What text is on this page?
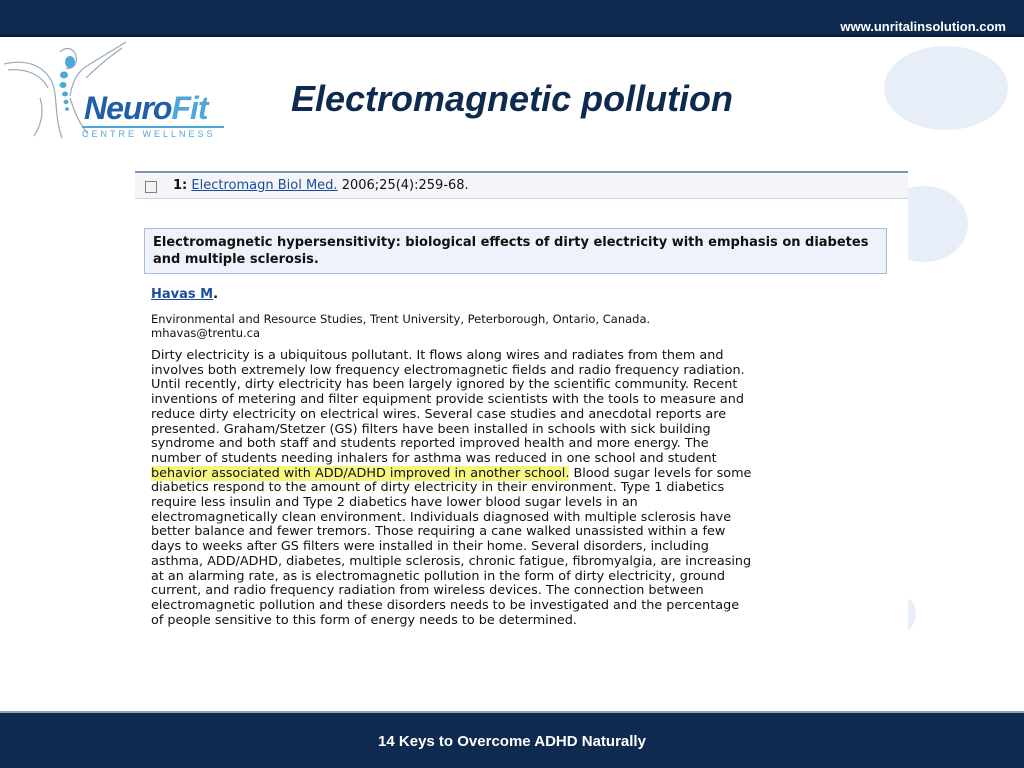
www.unritalinsolution.com
NeuroFit
CENTRE WELLNESS
Electromagnetic pollution
1: Electromagn Biol Med. 2006;25(4):259-68.
Electromagnetic hypersensitivity: biological effects of dirty electricity with emphasis on diabetes and multiple sclerosis.
Havas M.
Environmental and Resource Studies, Trent University, Peterborough, Ontario, Canada.
mhavas@trentu.ca
Dirty electricity is a ubiquitous pollutant. It flows along wires and radiates from them and
involves both extremely low frequency electromagnetic fields and radio frequency radiation.
Until recently, dirty electricity has been largely ignored by the scientific community. Recent
inventions of metering and filter equipment provide scientists with the tools to measure and
reduce dirty electricity on electrical wires. Several case studies and anecdotal reports are
presented. Graham/Stetzer (GS) filters have been installed in schools with sick building
syndrome and both staff and students reported improved health and more energy. The
number of students needing inhalers for asthma was reduced in one school and student
behavior associated with ADD/ADHD improved in another school. Blood sugar levels for some
diabetics respond to the amount of dirty electricity in their environment. Type 1 diabetics
require less insulin and Type 2 diabetics have lower blood sugar levels in an
electromagnetically clean environment. Individuals diagnosed with multiple sclerosis have
better balance and fewer tremors. Those requiring a cane walked unassisted within a few
days to weeks after GS filters were installed in their home. Several disorders, including
asthma, ADD/ADHD, diabetes, multiple sclerosis, chronic fatigue, fibromyalgia, are increasing
at an alarming rate, as is electromagnetic pollution in the form of dirty electricity, ground
current, and radio frequency radiation from wireless devices. The connection between
electromagnetic pollution and these disorders needs to be investigated and the percentage
of people sensitive to this form of energy needs to be determined.
14 Keys to Overcome ADHD Naturally
